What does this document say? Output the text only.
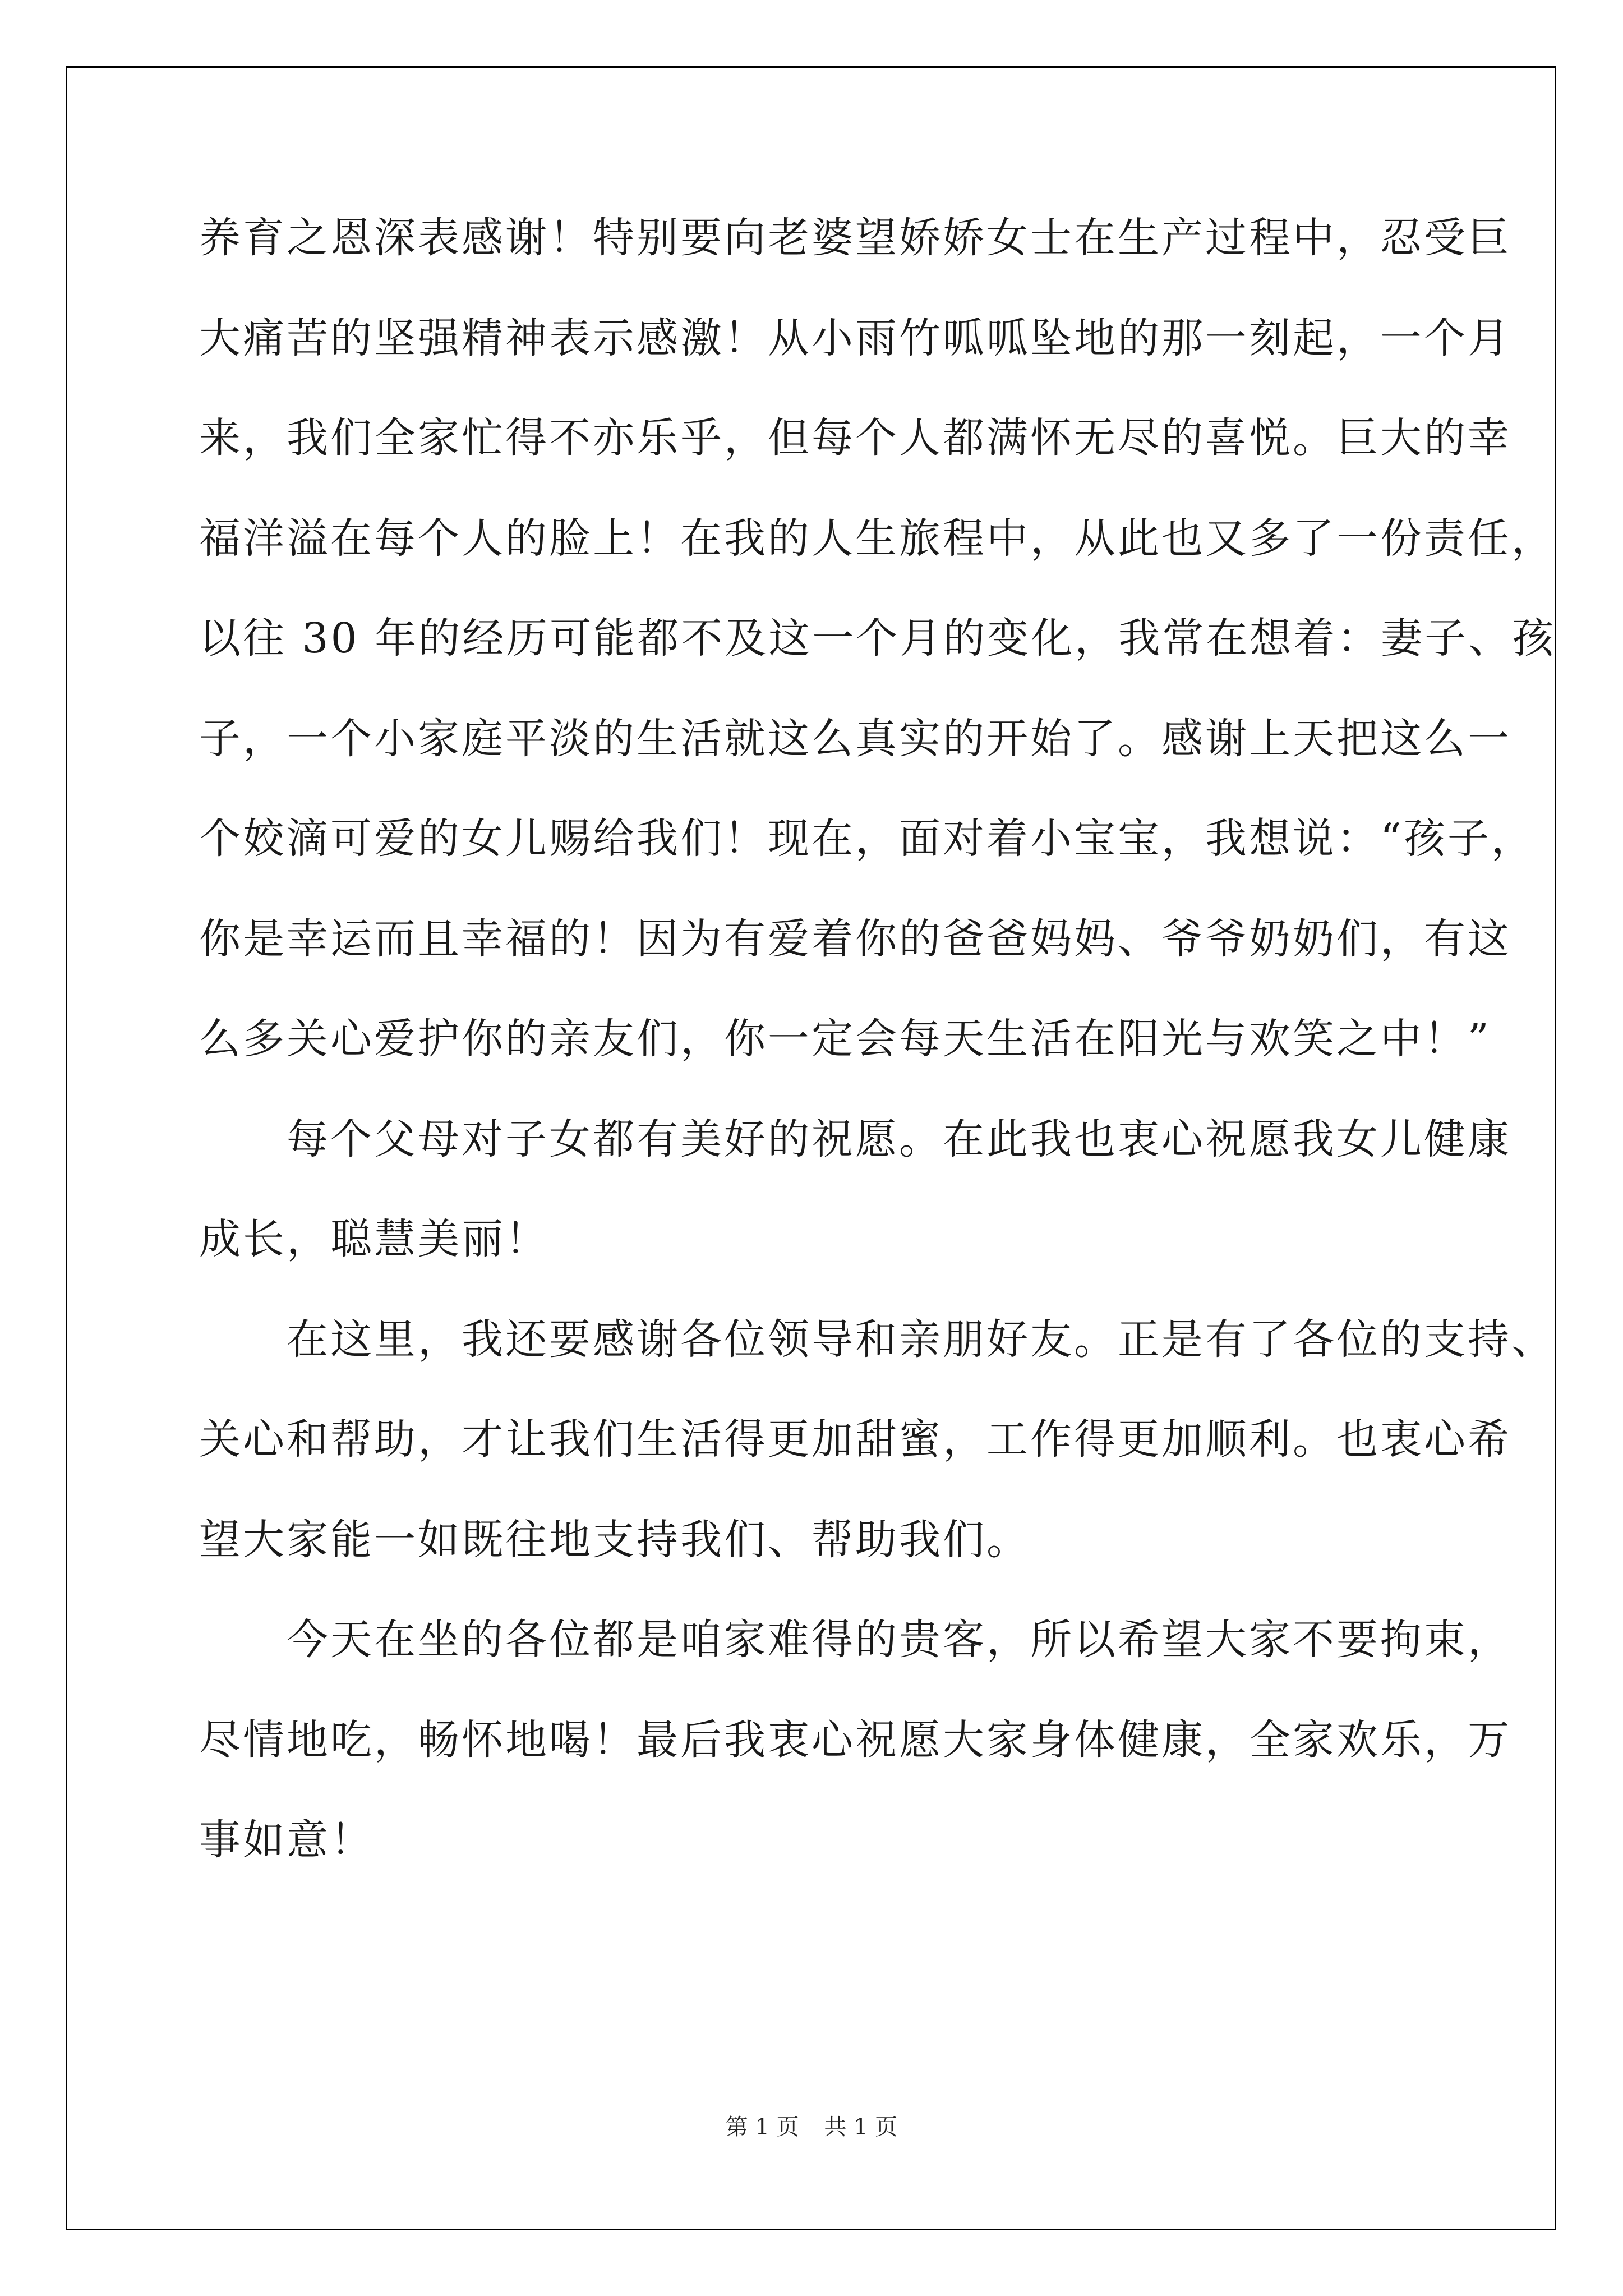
养育之恩深表感谢！特别要向老婆望娇娇女士在生产过程中，忍受巨
大痛苦的坚强精神表示感激！从小雨竹呱呱坠地的那一刻起，一个月
来，我们全家忙得不亦乐乎，但每个人都满怀无尽的喜悦。巨大的幸
福洋溢在每个人的脸上！在我的人生旅程中，从此也又多了一份责任，
以往 30 年的经历可能都不及这一个月的变化，我常在想着：妻子、孩
子，一个小家庭平淡的生活就这么真实的开始了。感谢上天把这么一
个姣滴可爱的女儿赐给我们！现在，面对着小宝宝，我想说：“孩子，
你是幸运而且幸福的！因为有爱着你的爸爸妈妈、爷爷奶奶们，有这
么多关心爱护你的亲友们，你一定会每天生活在阳光与欢笑之中！”
　　每个父母对子女都有美好的祝愿。在此我也衷心祝愿我女儿健康
成长，聪慧美丽！
　　在这里，我还要感谢各位领导和亲朋好友。正是有了各位的支持、
关心和帮助，才让我们生活得更加甜蜜，工作得更加顺利。也衷心希
望大家能一如既往地支持我们、帮助我们。
　　今天在坐的各位都是咱家难得的贵客，所以希望大家不要拘束，
尽情地吃，畅怀地喝！最后我衷心祝愿大家身体健康，全家欢乐，万
事如意！
第 1 页 共 1 页
